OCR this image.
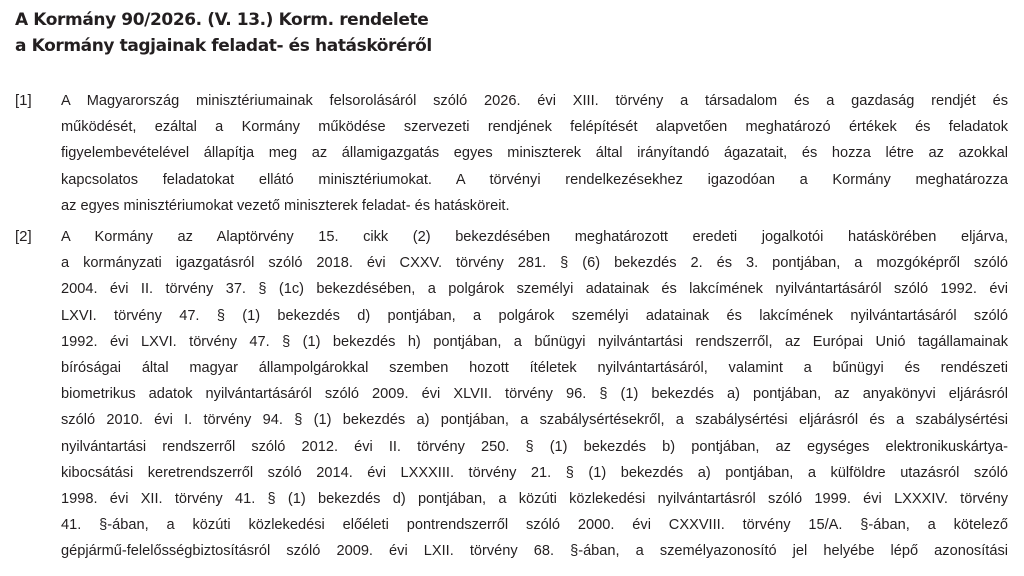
A Kormány 90/2026. (V. 13.) Korm. rendelete
a Kormány tagjainak feladat- és hatásköréről
[1] A Magyarország minisztériumainak felsorolásáról szóló 2026. évi XIII. törvény a társadalom és a gazdaság rendjét és
működését, ezáltal a Kormány működése szervezeti rendjének felépítését alapvetően meghatározó értékek és feladatok
figyelembevételével állapítja meg az államigazgatás egyes miniszterek által irányítandó ágazatait, és hozza létre az azokkal
kapcsolatos feladatokat ellátó minisztériumokat. A törvényi rendelkezésekhez igazodóan a Kormány meghatározza
az egyes minisztériumokat vezető miniszterek feladat- és hatásköreit.
[2] A Kormány az Alaptörvény 15. cikk (2) bekezdésében meghatározott eredeti jogalkotói hatáskörében eljárva,
a kormányzati igazgatásról szóló 2018. évi CXXV. törvény 281. § (6) bekezdés 2. és 3. pontjában, a mozgóképről szóló
2004. évi II. törvény 37. § (1c) bekezdésében, a polgárok személyi adatainak és lakcímének nyilvántartásáról szóló 1992. évi
LXVI. törvény 47. § (1) bekezdés d) pontjában, a polgárok személyi adatainak és lakcímének nyilvántartásáról szóló
1992. évi LXVI. törvény 47. § (1) bekezdés h) pontjában, a bűnügyi nyilvántartási rendszerről, az Európai Unió tagállamainak
bíróságai által magyar állampolgárokkal szemben hozott ítéletek nyilvántartásáról, valamint a bűnügyi és rendészeti
biometrikus adatok nyilvántartásáról szóló 2009. évi XLVII. törvény 96. § (1) bekezdés a) pontjában, az anyakönyvi eljárásról
szóló 2010. évi I. törvény 94. § (1) bekezdés a) pontjában, a szabálysértésekről, a szabálysértési eljárásról és a szabálysértési
nyilvántartási rendszerről szóló 2012. évi II. törvény 250. § (1) bekezdés b) pontjában, az egységes elektronikuskártya-
kibocsátási keretrendszerről szóló 2014. évi LXXXIII. törvény 21. § (1) bekezdés a) pontjában, a külföldre utazásról szóló
1998. évi XII. törvény 41. § (1) bekezdés d) pontjában, a közúti közlekedési nyilvántartásról szóló 1999. évi LXXXIV. törvény
41. §-ában, a közúti közlekedési előéleti pontrendszerről szóló 2000. évi CXXVIII. törvény 15/A. §-ában, a kötelező
gépjármű-felelősségbiztosításról szóló 2009. évi LXII. törvény 68. §-ában, a személyazonosító jel helyébe lépő azonosítási
